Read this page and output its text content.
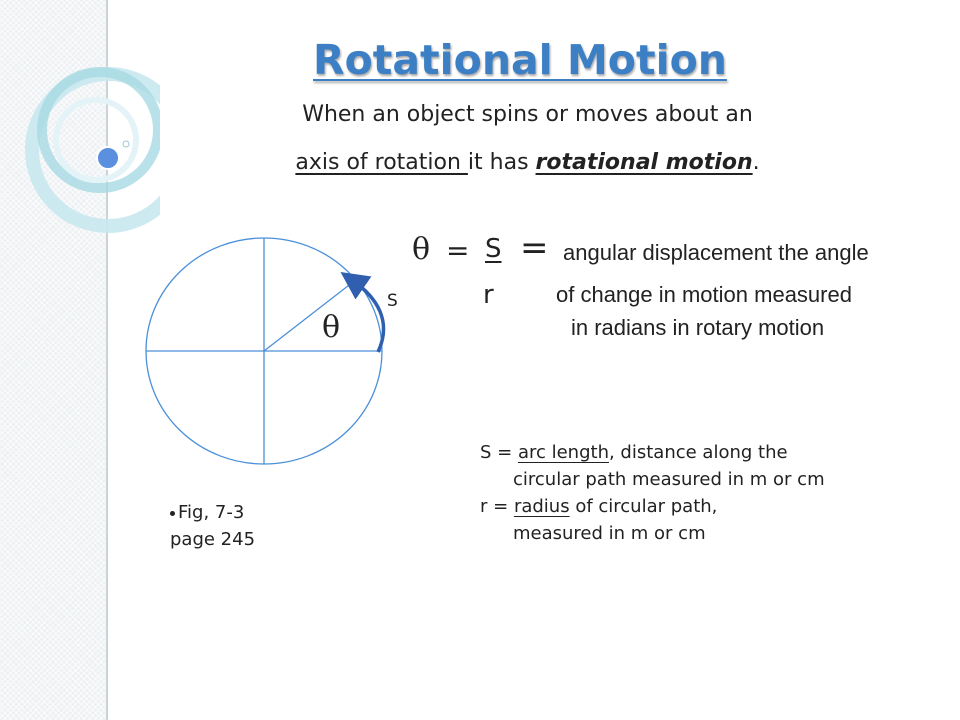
Rotational Motion

When an object spins or moves about an

axis of rotation it has rotational motion.

θ = S = angular displacement the angle
r	of change in motion measured
in radians in rotary motion
S
θ
Fig, 7-3
page 245
S = arc length, distance along the
circular path measured in m or cm
r = radius of circular path,
measured in m or cm
